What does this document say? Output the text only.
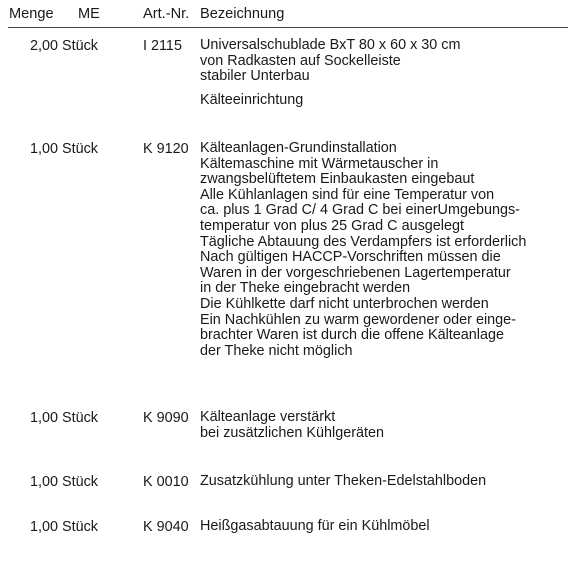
Menge ME	Art.-Nr. Bezeichnung
2,00 Stück	I 2115 Universalschublade BxT 80 x 60 x 30 cm
von Radkasten auf Sockelleiste
stabiler Unterbau
Kälteeinrichtung
1,00 Stück	K 9120 Kälteanlagen-Grundinstallation
Kältemaschine mit Wärmetauscher in
zwangsbelüftetem Einbaukasten eingebaut
Alle Kühlanlagen sind für eine Temperatur von
ca. plus 1 Grad C/ 4 Grad C bei einerUmgebungs-
temperatur von plus 25 Grad C ausgelegt
Tägliche Abtauung des Verdampfers ist erforderlich
Nach gültigen HACCP-Vorschriften müssen die
Waren in der vorgeschriebenen Lagertemperatur
in der Theke eingebracht werden
Die Kühlkette darf nicht unterbrochen werden
Ein Nachkühlen zu warm gewordener oder einge-
brachter Waren ist durch die offene Kälteanlage
der Theke nicht möglich
1,00 Stück	K 9090 Kälteanlage verstärkt
bei zusätzlichen Kühlgeräten
1,00 Stück	K 0010 Zusatzkühlung unter Theken-Edelstahlboden
1,00 Stück	K 9040 Heißgasabtauung für ein Kühlmöbel
